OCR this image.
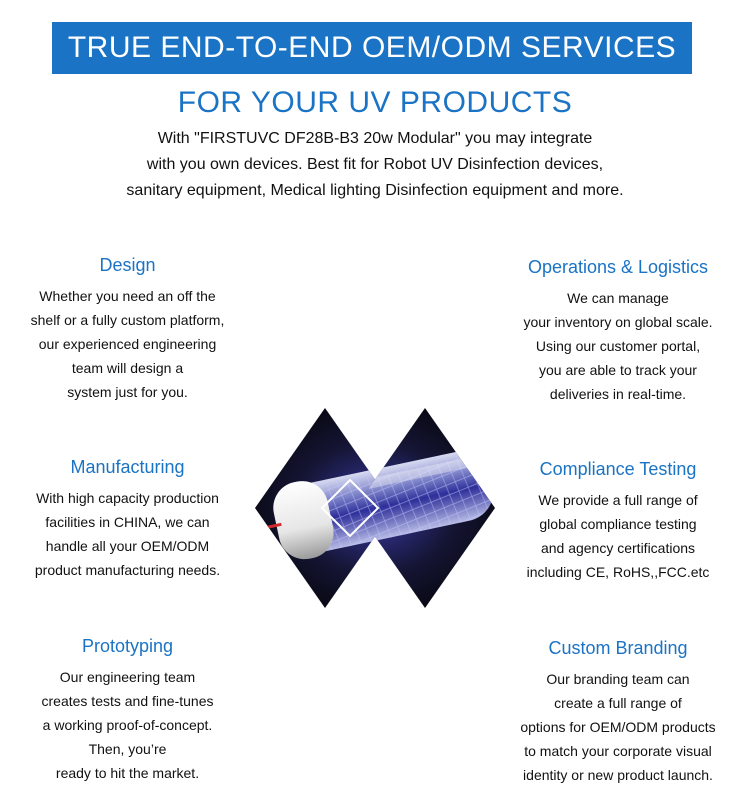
TRUE END-TO-END OEM/ODM SERVICES
FOR YOUR UV PRODUCTS
With "FIRSTUVC DF28B-B3 20w Modular" you may integrate
with you own devices. Best fit for Robot UV Disinfection devices,
sanitary equipment, Medical lighting Disinfection equipment and more.
Design

Whether you need an off the
shelf or a fully custom platform,
our experienced engineering
team will design a
system just for you.

Manufacturing

With high capacity production
facilities in CHINA, we can
handle all your OEM/ODM
product manufacturing needs.

Prototyping

Our engineering team
creates tests and fine-tunes
a working proof-of-concept.
Then, you’re
ready to hit the market.

Operations & Logistics

We can manage
your inventory on global scale.
Using our customer portal,
you are able to track your
deliveries in real-time.

Compliance Testing

We provide a full range of
global compliance testing
and agency certifications
including CE, RoHS,,FCC.etc

Custom Branding

Our branding team can
create a full range of
options for OEM/ODM products
to match your corporate visual
identity or new product launch.
